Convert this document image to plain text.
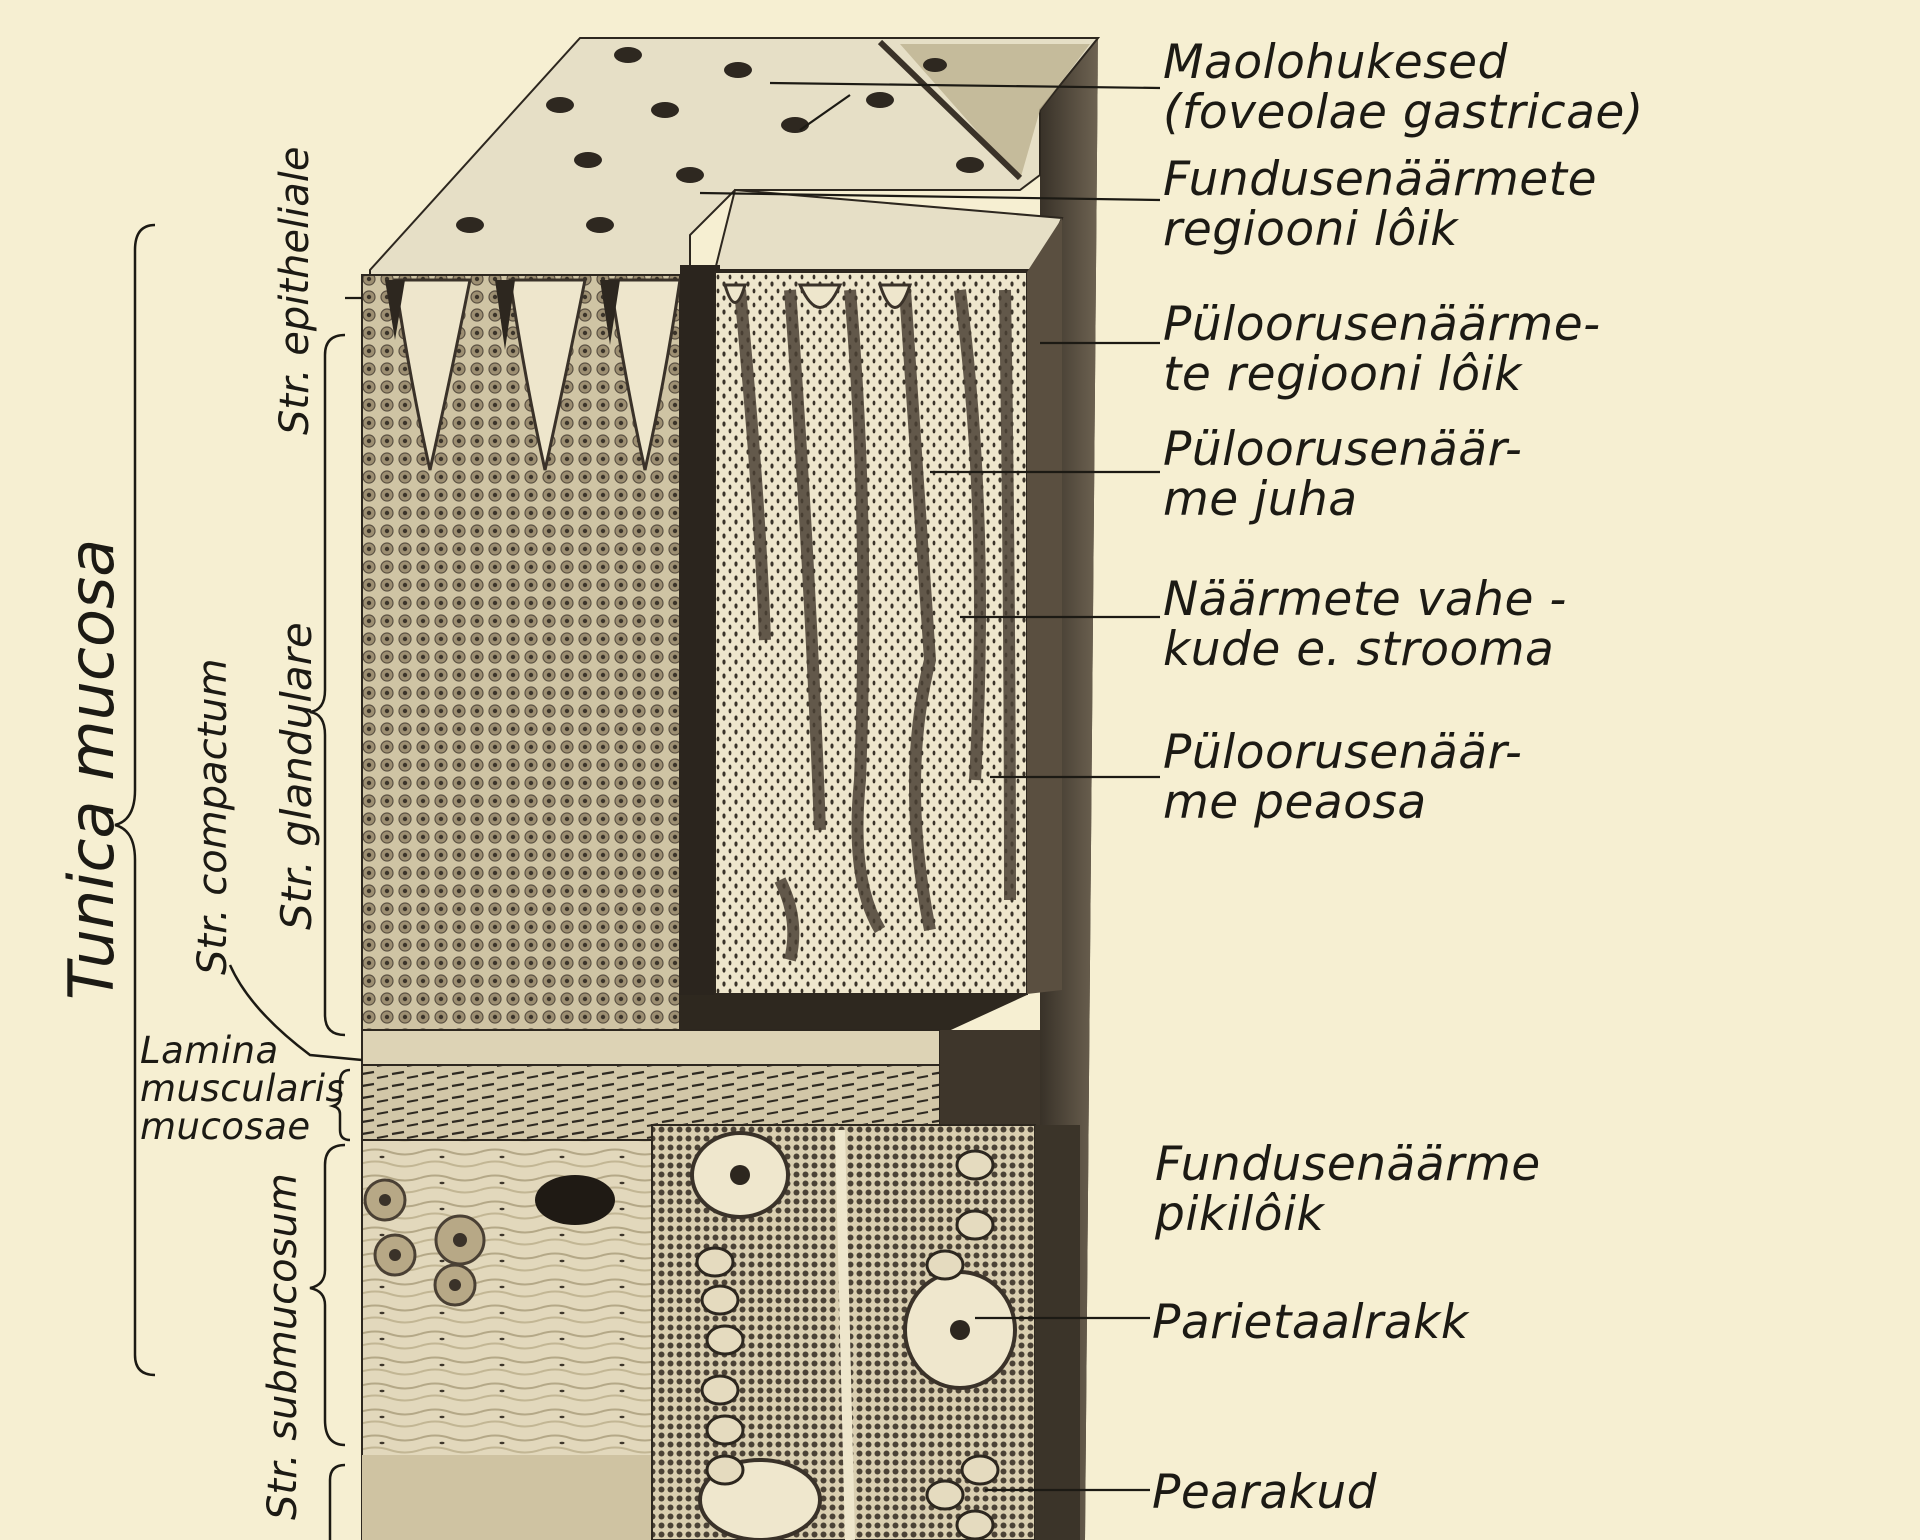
Maolohukesed
(foveolae gastricae)
Fundusenäärmete
regiooni lôik
Püloorusenäärme-
te regiooni lôik
Püloorusenäär-
me juha
Näärmete vahe -
kude e. strooma
Püloorusenäär-
me peaosa
Fundusenäärme
pikilôik
Parietaalrakk
Pearakud
Tunica mucosa
Str. epitheliale
Str. glandulare
Str. compactum
Str. submucosum
Lamina
muscularis
mucosae
